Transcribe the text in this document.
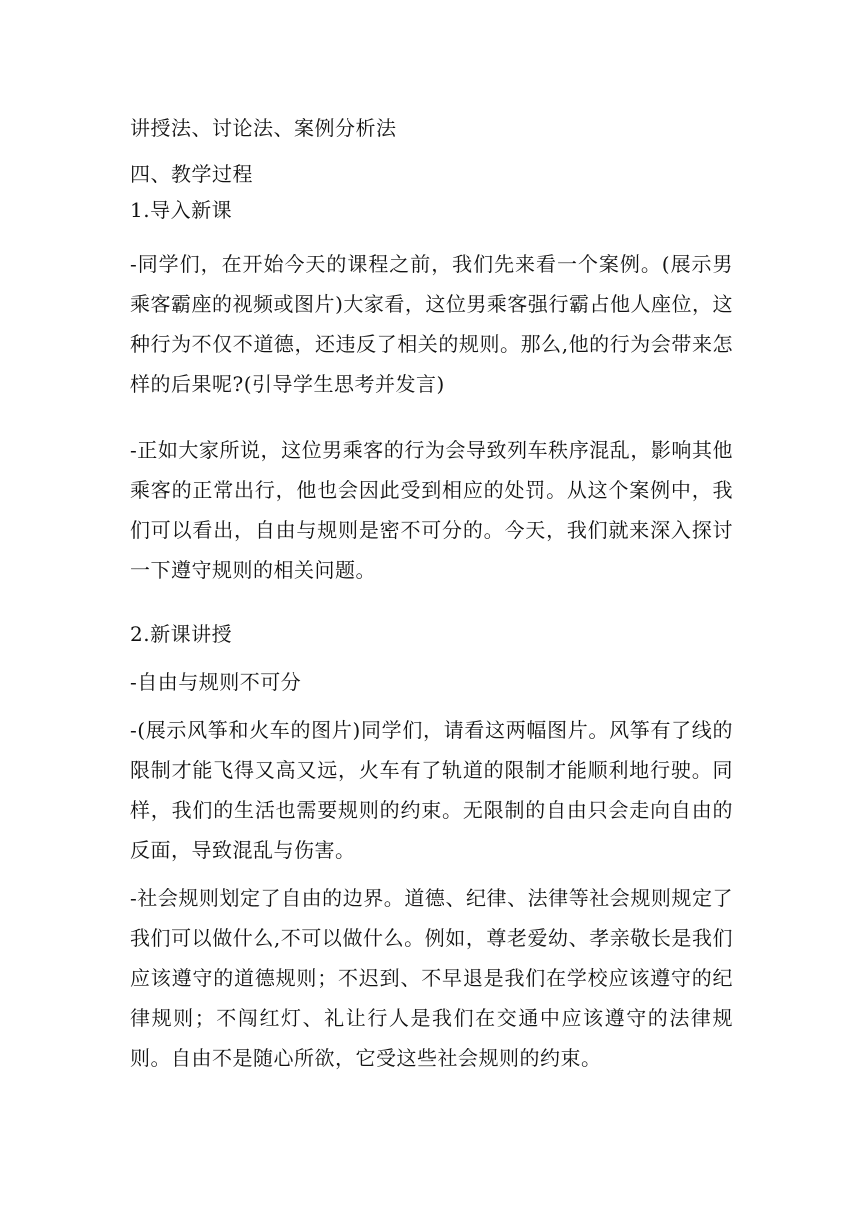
讲授法、讨论法、案例分析法

四、教学过程

1.导入新课

-同学们，在开始今天的课程之前，我们先来看一个案例。(展示男乘客霸座的视频或图片)大家看，这位男乘客强行霸占他人座位，这种行为不仅不道德，还违反了相关的规则。那么,他的行为会带来怎样的后果呢?(引导学生思考并发言)

-正如大家所说，这位男乘客的行为会导致列车秩序混乱，影响其他乘客的正常出行，他也会因此受到相应的处罚。从这个案例中，我们可以看出，自由与规则是密不可分的。今天，我们就来深入探讨一下遵守规则的相关问题。

2.新课讲授

-自由与规则不可分

-(展示风筝和火车的图片)同学们，请看这两幅图片。风筝有了线的限制才能飞得又高又远，火车有了轨道的限制才能顺利地行驶。同样，我们的生活也需要规则的约束。无限制的自由只会走向自由的反面，导致混乱与伤害。

-社会规则划定了自由的边界。道德、纪律、法律等社会规则规定了我们可以做什么,不可以做什么。例如，尊老爱幼、孝亲敬长是我们应该遵守的道德规则；不迟到、不早退是我们在学校应该遵守的纪律规则；不闯红灯、礼让行人是我们在交通中应该遵守的法律规则。自由不是随心所欲，它受这些社会规则的约束。
